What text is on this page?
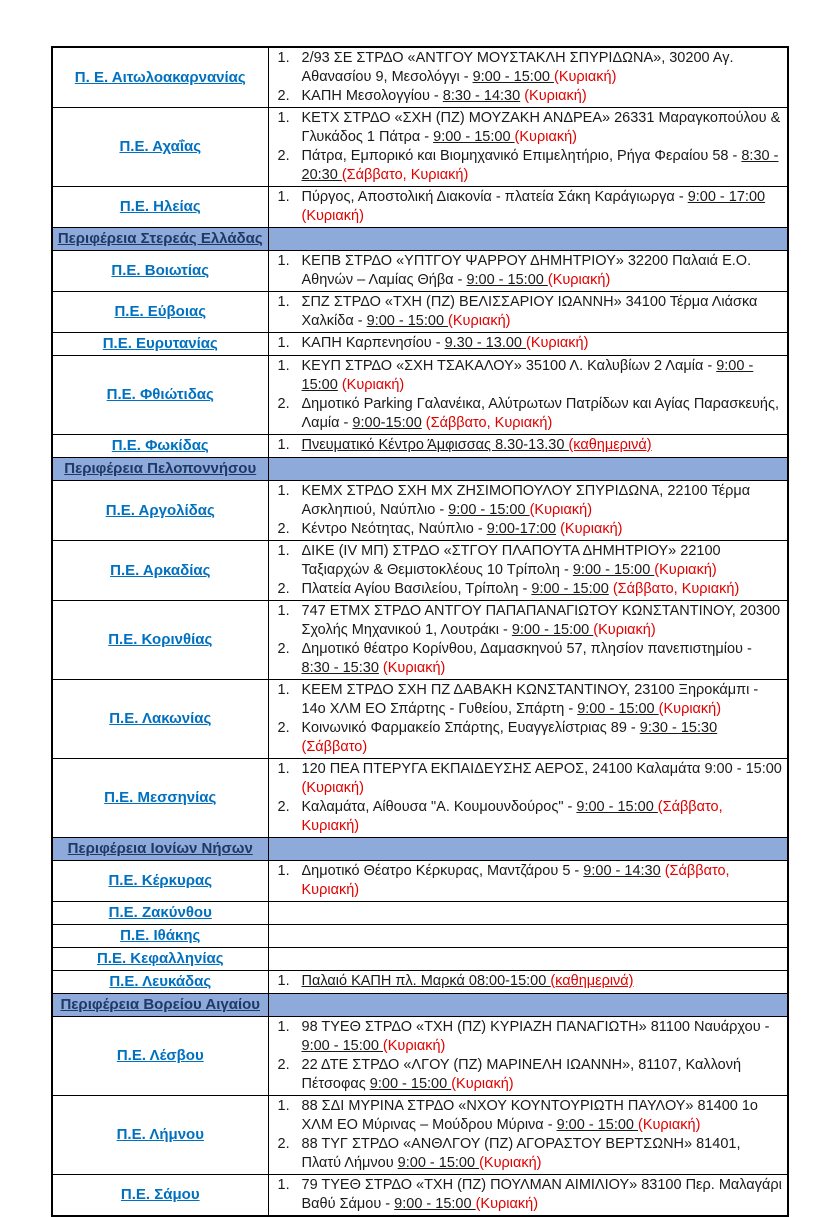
Π. Ε. Αιτωλοακαρνανίας	1. 2/93 ΣΕ ΣΤΡΔΟ «ΑΝΤΓΟΥ ΜΟΥΣΤΑΚΛΗ ΣΠΥΡΙΔΩΝΑ», 30200 Αγ. Αθανασίου 9, Μεσολόγγι - 9:00 - 15:00 (Κυριακή)
2. ΚΑΠΗ Μεσολογγίου - 8:30 - 14:30 (Κυριακή)

Π.Ε. Αχαΐας	1. ΚΕΤΧ ΣΤΡΔΟ «ΣΧΗ (ΠΖ) ΜΟΥΖΑΚΗ ΑΝΔΡΕΑ» 26331 Μαραγκοπούλου & Γλυκάδος 1 Πάτρα - 9:00 - 15:00 (Κυριακή)
2. Πάτρα, Εμπορικό και Βιομηχανικό Επιμελητήριο, Ρήγα Φεραίου 58 - 8:30 - 20:30 (Σάββατο, Κυριακή)

Π.Ε. Ηλείας	1. Πύργος, Αποστολική Διακονία - πλατεία Σάκη Καράγιωργα - 9:00 - 17:00 (Κυριακή)

Περιφέρεια Στερεάς Ελλάδας	
Π.Ε. Βοιωτίας	1. ΚΕΠΒ ΣΤΡΔΟ «ΥΠΤΓΟΥ ΨΑΡΡΟΥ ΔΗΜΗΤΡΙΟΥ» 32200 Παλαιά Ε.Ο. Αθηνών – Λαμίας Θήβα - 9:00 - 15:00 (Κυριακή)

Π.Ε. Εύβοιας	1. ΣΠΖ ΣΤΡΔΟ «ΤΧΗ (ΠΖ) ΒΕΛΙΣΣΑΡΙΟΥ ΙΩΑΝΝΗ» 34100 Τέρμα Λιάσκα Χαλκίδα - 9:00 - 15:00 (Κυριακή)

Π.Ε. Ευρυτανίας	1. ΚΑΠΗ Καρπενησίου - 9.30 - 13.00 (Κυριακή)

Π.Ε. Φθιώτιδας	1. ΚΕΥΠ ΣΤΡΔΟ «ΣΧΗ ΤΣΑΚΑΛΟΥ» 35100 Λ. Καλυβίων 2 Λαμία - 9:00 - 15:00 (Κυριακή)
2. Δημοτικό Parking Γαλανέικα, Αλύτρωτων Πατρίδων και Αγίας Παρασκευής, Λαμία - 9:00-15:00 (Σάββατο, Κυριακή)

Π.Ε. Φωκίδας	1. Πνευματικό Κέντρο Άμφισσας 8.30-13.30 (καθημερινά)

Περιφέρεια Πελοποννήσου	
Π.Ε. Αργολίδας	1. ΚΕΜΧ ΣΤΡΔΟ ΣΧΗ ΜΧ ΖΗΣΙΜΟΠΟΥΛΟΥ ΣΠΥΡΙΔΩΝΑ, 22100 Τέρμα Ασκληπιού, Ναύπλιο - 9:00 - 15:00 (Κυριακή)
2. Κέντρο Νεότητας, Ναύπλιο - 9:00-17:00 (Κυριακή)

Π.Ε. Αρκαδίας	1. ΔΙΚΕ (ΙV ΜΠ) ΣΤΡΔΟ «ΣΤΓΟΥ ΠΛΑΠΟΥΤΑ ΔΗΜΗΤΡΙΟΥ» 22100 Ταξιαρχών & Θεμιστοκλέους 10 Τρίπολη - 9:00 - 15:00 (Κυριακή)
2. Πλατεία Αγίου Βασιλείου, Τρίπολη - 9:00 - 15:00 (Σάββατο, Κυριακή)

Π.Ε. Κορινθίας	1. 747 ΕΤΜΧ ΣΤΡΔΟ ΑΝΤΓΟΥ ΠΑΠΑΠΑΝΑΓΙΩΤΟΥ ΚΩΝΣΤΑΝΤΙΝΟΥ, 20300 Σχολής Μηχανικού 1, Λουτράκι - 9:00 - 15:00 (Κυριακή)
2. Δημοτικό θέατρο Κορίνθου, Δαμασκηνού 57, πλησίον πανεπιστημίου - 8:30 - 15:30 (Κυριακή)

Π.Ε. Λακωνίας	1. ΚΕΕΜ ΣΤΡΔΟ ΣΧΗ ΠΖ ΔΑΒΑΚΗ ΚΩΝΣΤΑΝΤΙΝΟΥ, 23100 Ξηροκάμπι - 14ο ΧΛΜ ΕΟ Σπάρτης - Γυθείου, Σπάρτη - 9:00 - 15:00 (Κυριακή)
2. Κοινωνικό Φαρμακείο Σπάρτης, Ευαγγελίστριας 89 - 9:30 - 15:30 (Σάββατο)

Π.Ε. Μεσσηνίας	1. 120 ΠΕΑ ΠΤΕΡΥΓΑ ΕΚΠΑΙΔΕΥΣΗΣ ΑΕΡΟΣ, 24100 Καλαμάτα 9:00 - 15:00 (Κυριακή)
2. Καλαμάτα, Αίθουσα "Α. Κουμουνδούρος" - 9:00 - 15:00 (Σάββατο, Κυριακή)

Περιφέρεια Ιονίων Νήσων	
Π.Ε. Κέρκυρας	1. Δημοτικό Θέατρο Κέρκυρας, Μαντζάρου 5 - 9:00 - 14:30 (Σάββατο, Κυριακή)

Π.Ε. Ζακύνθου	
Π.Ε. Ιθάκης	
Π.Ε. Κεφαλληνίας	
Π.Ε. Λευκάδας	1. Παλαιό ΚΑΠΗ πλ. Μαρκά 08:00-15:00 (καθημερινά)

Περιφέρεια Βορείου Αιγαίου	
Π.Ε. Λέσβου	1. 98 ΤΥΕΘ ΣΤΡΔΟ «ΤΧΗ (ΠΖ) ΚΥΡΙΑΖΗ ΠΑΝΑΓΙΩΤΗ» 81100 Ναυάρχου - 9:00 - 15:00 (Κυριακή)
2. 22 ΔΤΕ ΣΤΡΔΟ «ΛΓΟΥ (ΠΖ) ΜΑΡΙΝΕΛΗ ΙΩΑΝΝΗ», 81107, Καλλονή Πέτσοφας 9:00 - 15:00 (Κυριακή)

Π.Ε. Λήμνου	1. 88 ΣΔΙ ΜΥΡΙΝΑ ΣΤΡΔΟ «ΝΧΟΥ ΚΟΥΝΤΟΥΡΙΩΤΗ ΠΑΥΛΟΥ» 81400 1ο ΧΛΜ ΕΟ Μύρινας – Μούδρου Μύρινα - 9:00 - 15:00 (Κυριακή)
2. 88 ΤΥΓ ΣΤΡΔΟ «ΑΝΘΛΓΟΥ (ΠΖ) ΑΓΟΡΑΣΤΟΥ ΒΕΡΤΣΩΝΗ» 81401, Πλατύ Λήμνου 9:00 - 15:00 (Κυριακή)

Π.Ε. Σάμου	1. 79 ΤΥΕΘ ΣΤΡΔΟ «ΤΧΗ (ΠΖ) ΠΟΥΛΜΑΝ ΑΙΜΙΛΙΟΥ» 83100 Περ. Μαλαγάρι Βαθύ Σάμου - 9:00 - 15:00 (Κυριακή)
